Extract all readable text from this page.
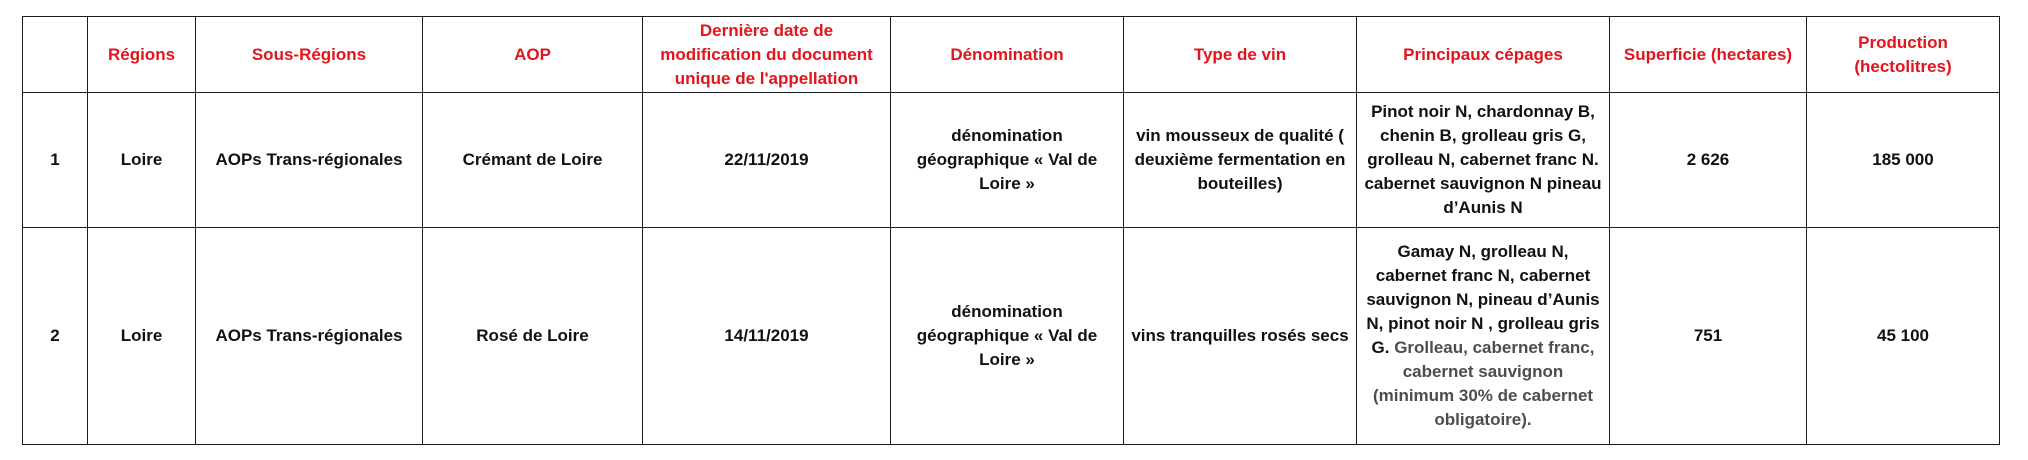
	Régions	Sous-Régions	AOP	Dernière date de modification du document unique de l'appellation	Dénomination	Type de vin	Principaux cépages	Superficie (hectares)	Production (hectolitres)
1	Loire	AOPs Trans-régionales	Crémant de Loire	22/11/2019	dénomination géographique « Val de Loire »	vin mousseux de qualité ( deuxième fermentation en bouteilles)	Pinot noir N, chardonnay B, chenin B, grolleau gris G, grolleau N, cabernet franc N. cabernet sauvignon N pineau d’Aunis N	2 626	185 000
2	Loire	AOPs Trans-régionales	Rosé de Loire	14/11/2019	dénomination géographique « Val de Loire »	vins tranquilles rosés secs	Gamay N, grolleau N, cabernet franc N, cabernet sauvignon N, pineau d’Aunis N, pinot noir N , grolleau gris G. Grolleau, cabernet franc, cabernet sauvignon (minimum 30% de cabernet obligatoire).	751	45 100
